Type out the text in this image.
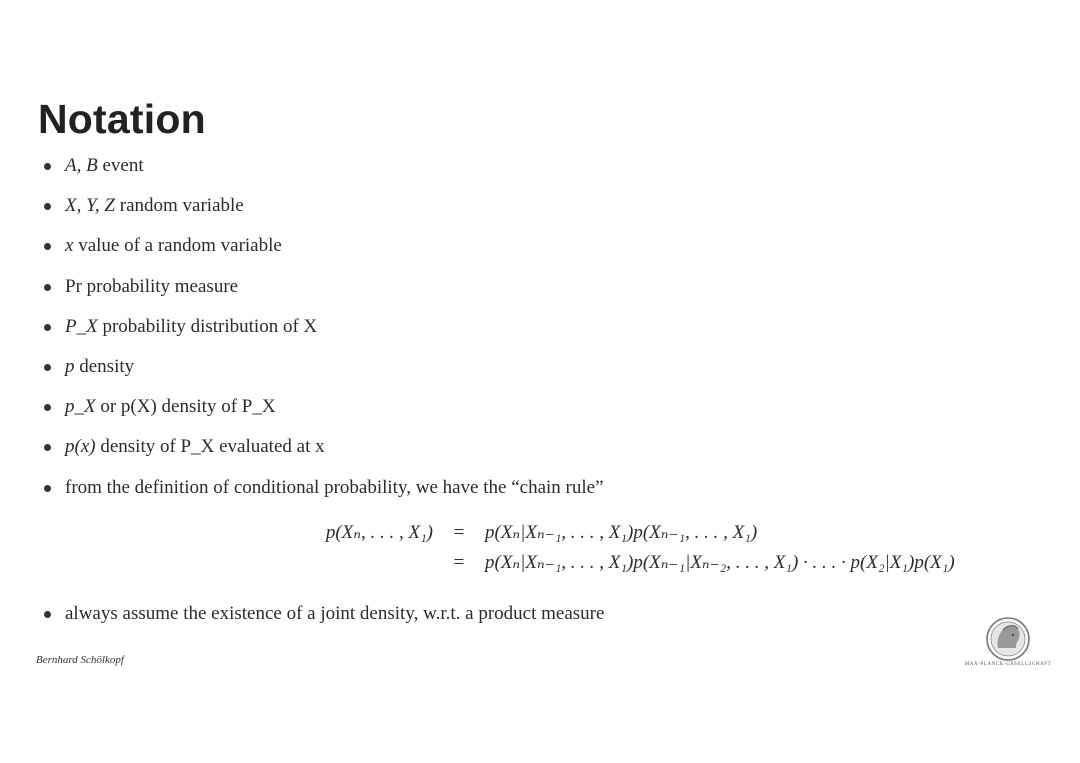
Notation
A, B event
X, Y, Z random variable
x value of a random variable
Pr probability measure
P_X probability distribution of X
p density
p_X or p(X) density of P_X
p(x) density of P_X evaluated at x
from the definition of conditional probability, we have the “chain rule”
p(Xₙ, . . . , X₁)	=	p(Xₙ|Xₙ₋₁, . . . , X₁)p(Xₙ₋₁, . . . , X₁)
=	p(Xₙ|Xₙ₋₁, . . . , X₁)p(Xₙ₋₁|Xₙ₋₂, . . . , X₁) · . . . · p(X₂|X₁)p(X₁)
always assume the existence of a joint density, w.r.t. a product measure
Bernhard Schölkopf	MAX-PLANCK-GESELLSCHAFT
